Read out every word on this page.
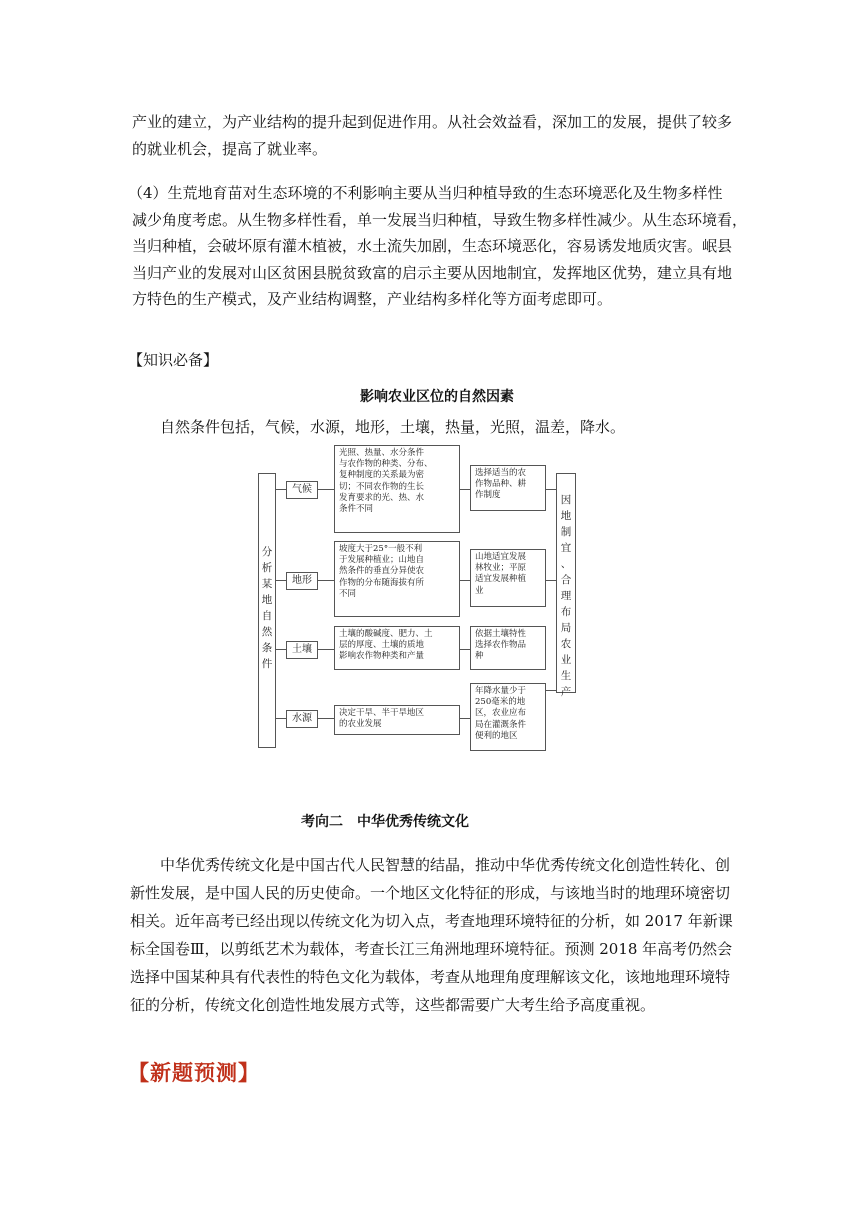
产业的建立，为产业结构的提升起到促进作用。从社会效益看，深加工的发展，提供了较多
的就业机会，提高了就业率。
（4）生荒地育苗对生态环境的不利影响主要从当归种植导致的生态环境恶化及生物多样性
减少角度考虑。从生物多样性看，单一发展当归种植，导致生物多样性减少。从生态环境看，
当归种植，会破坏原有灌木植被，水土流失加剧，生态环境恶化，容易诱发地质灾害。岷县
当归产业的发展对山区贫困县脱贫致富的启示主要从因地制宜，发挥地区优势，建立具有地
方特色的生产模式，及产业结构调整，产业结构多样化等方面考虑即可。
【知识必备】
影响农业区位的自然因素
自然条件包括，气候，水源，地形，土壤，热量，光照，温差，降水。
分
析
某
地
自
然
条
件
因
地
制
宜
、
合
理
布
局
农
业
生
产
气候
光照、热量、水分条件
与农作物的种类、分布、
复种制度的关系最为密
切；不同农作物的生长
发育要求的光、热、水
条件不同
选择适当的农
作物品种、耕
作制度
地形
坡度大于25°一般不利
于发展种植业；山地自
然条件的垂直分异使农
作物的分布随海拔有所
不同
山地适宜发展
林牧业；平原
适宜发展种植
业
土壤
土壤的酸碱度、肥力、土
层的厚度、土壤的质地
影响农作物种类和产量
依据土壤特性
选择农作物品
种
水源	决定干旱、半干旱地区
的农业发展
年降水量少于
250毫米的地
区，农业应布
局在灌溉条件
便利的地区
考向二　中华优秀传统文化
中华优秀传统文化是中国古代人民智慧的结晶，推动中华优秀传统文化创造性转化、创
新性发展，是中国人民的历史使命。一个地区文化特征的形成，与该地当时的地理环境密切
相关。近年高考已经出现以传统文化为切入点，考查地理环境特征的分析，如 2017 年新课
标全国卷Ⅲ，以剪纸艺术为载体，考查长江三角洲地理环境特征。预测 2018 年高考仍然会
选择中国某种具有代表性的特色文化为载体，考查从地理角度理解该文化，该地地理环境特
征的分析，传统文化创造性地发展方式等，这些都需要广大考生给予高度重视。
【新题预测】
